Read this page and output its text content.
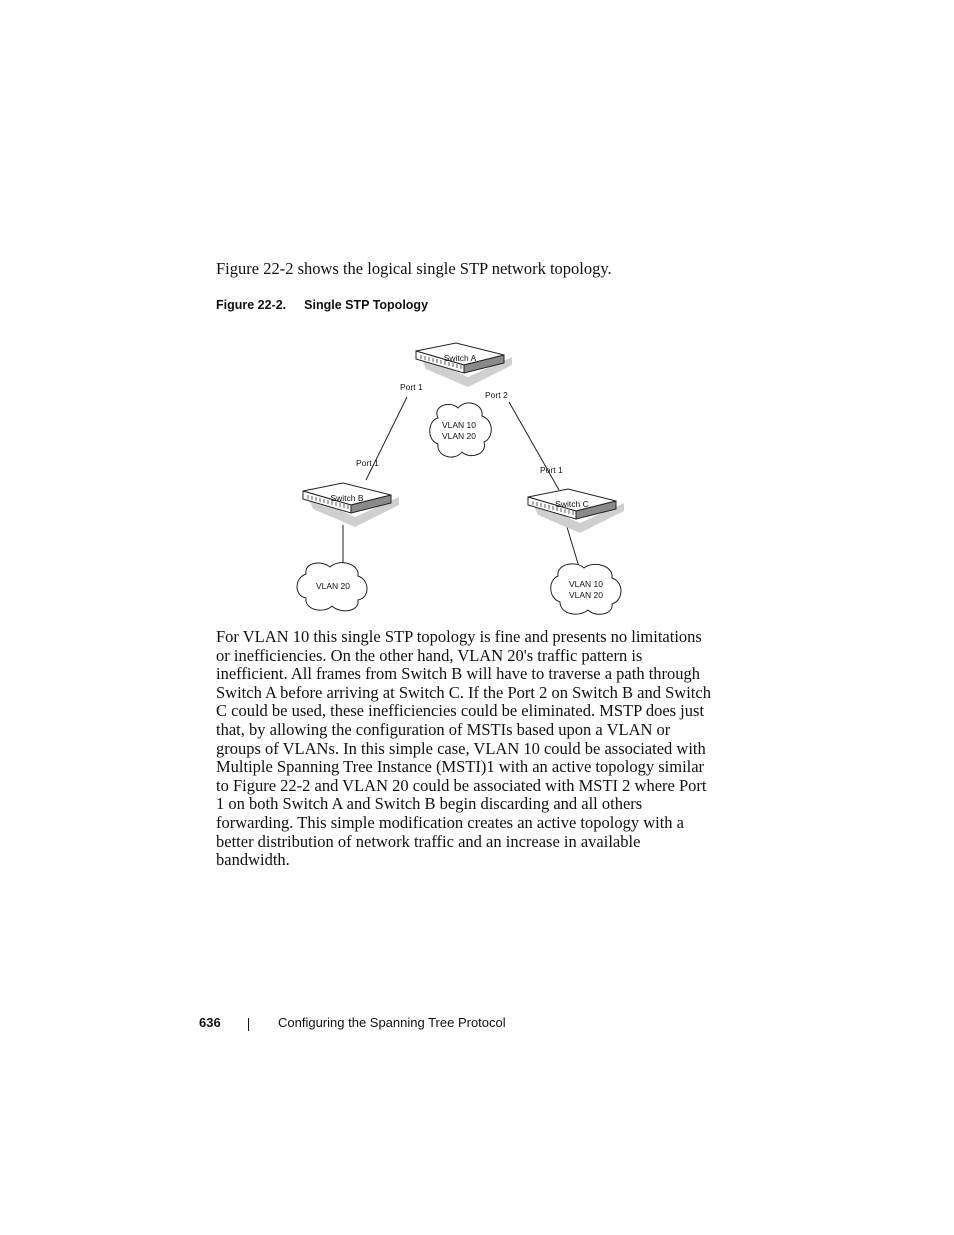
Figure 22-2 shows the logical single STP network topology.

Figure 22-2. Single STP Topology

Switch A
Switch B
Switch C
Port 1
Port 2
Port 1
Port 1
VLAN 10
VLAN 20
VLAN 20	VLAN 10
VLAN 20

For VLAN 10 this single STP topology is fine and presents no limitations or inefficiencies. On the other hand, VLAN 20's traffic pattern is inefficient. All frames from Switch B will have to traverse a path through Switch A before arriving at Switch C. If the Port 2 on Switch B and Switch C could be used, these inefficiencies could be eliminated. MSTP does just that, by allowing the configuration of MSTIs based upon a VLAN or groups of VLANs. In this simple case, VLAN 10 could be associated with Multiple Spanning Tree Instance (MSTI)1 with an active topology similar to Figure 22-2 and VLAN 20 could be associated with MSTI 2 where Port 1 on both Switch A and Switch B begin discarding and all others forwarding. This simple modification creates an active topology with a better distribution of network traffic and an increase in available bandwidth.

636	Configuring the Spanning Tree Protocol
